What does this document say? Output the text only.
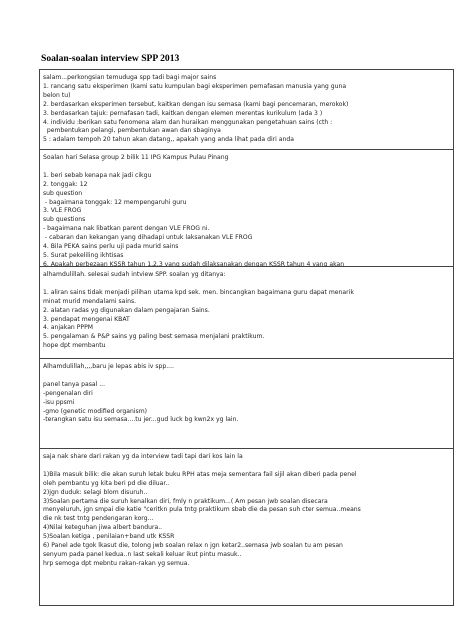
Soalan-soalan interview SPP 2013
salam...perkongsian temuduga spp tadi bagi major sains
1. rancang satu eksperimen (kami satu kumpulan bagi eksperimen pernafasan manusia yang guna
belon tu)
2. berdasarkan eksperimen tersebut, kaitkan dengan isu semasa (kami bagi pencemaran, merokok)
3. berdasarkan tajuk: pernafasan tadi, kaitkan dengan elemen merentas kurikulum (ada 3 )
4. individu :berikan satu fenomena alam dan huraikan menggunakan pengetahuan sains (cth :
pembentukan pelangi, pembentukan awan dan sbaginya
5 : adalam tempoh 20 tahun akan datang,, apakah yang anda lihat pada diri anda
Soalan hari Selasa group 2 bilik 11 IPG Kampus Pulau Pinang
1. beri sebab kenapa nak jadi cikgu
2. tonggak: 12
sub question
- bagaimana tonggak: 12 mempengaruhi guru
3. VLE FROG
sub questions
- bagaimana nak libatkan parent dengan VLE FROG ni.
- cabaran dan kekangan yang dihadapi untuk laksanakan VLE FROG
4. Bila PEKA sains perlu uji pada murid sains
5. Surat pekeliling ikhtisas
6. Apakah perbezaan KSSR tahun 1,2,3 yang sudah dilaksanakan dengan KSSR tahun 4 yang akan
alhamdulillah. selesai sudah intview SPP. soalan yg ditanya:
1. aliran sains tidak menjadi pilihan utama kpd sek. men. bincangkan bagaimana guru dapat menarik
minat murid mendalami sains.
2. alatan radas yg digunakan dalam pengajaran Sains.
3. pendapat mengenai KBAT
4. anjakan PPPM
5. pengalaman & P&P sains yg paling best semasa menjalani praktikum.
hope dpt membantu
Alhamdulillah,,,,baru je lepas abis iv spp....
panel tanya pasal ...
-pengenalan diri
-isu ppsmi
-gmo (genetic modified organism)
-terangkan satu isu semasa....tu jer...gud luck bg kwn2x yg lain.
saja nak share dari rakan yg da interview tadi tapi dari kos lain la
1)Bila masuk bilik: die akan suruh letak buku RPH atas meja sementara fail sijil akan diberi pada penel
oleh pembantu yg kita beri pd die diluar..
2)jgn duduk: selagi blom disuruh..
3)Soalan pertama die suruh kenalkan diri, fmly n praktikum...( Am pesan jwb soalan disecara
menyeluruh, jgn smpai die katie "ceritkn pula tntg praktikum sbab die da pesan suh cter semua..means
die nk test tntg pendengaran korg...
4)Nilai keteguhan jiwa albert bandura..
5)Soalan ketiga , penilaian+band utk KSSR
6) Panel ade tgok lkasut die, tolong jwb soalan relax n jgn ketar2..semasa jwb soalan tu am pesan
senyum pada panel kedua..n last sekali keluar ikut pintu masuk..
hrp semoga dpt mebntu rakan-rakan yg semua.
